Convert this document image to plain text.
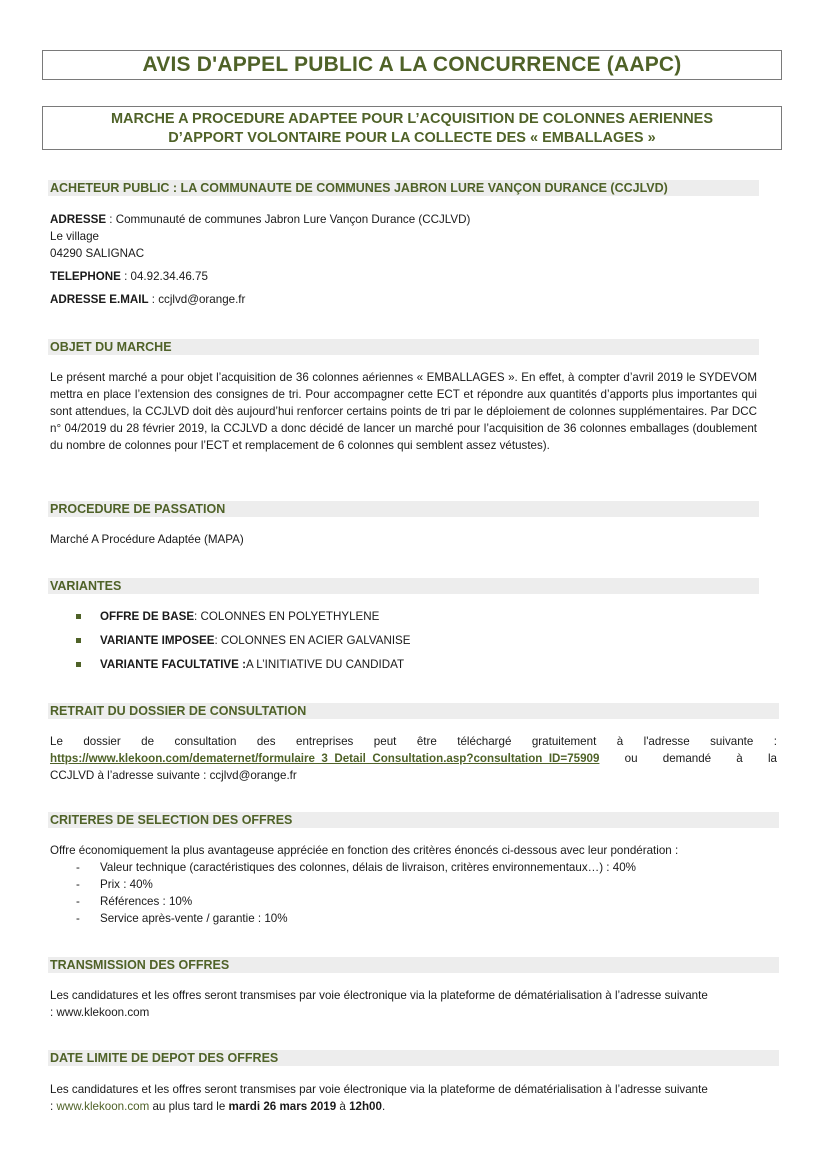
AVIS D'APPEL PUBLIC A LA CONCURRENCE (AAPC)
MARCHE A PROCEDURE ADAPTEE POUR L’ACQUISITION DE COLONNES AERIENNES
D’APPORT VOLONTAIRE POUR LA COLLECTE DES « EMBALLAGES »
ACHETEUR PUBLIC : LA COMMUNAUTE DE COMMUNES JABRON LURE VANÇON DURANCE (CCJLVD)
ADRESSE : Communauté de communes Jabron Lure Vançon Durance (CCJLVD)
Le village
04290 SALIGNAC
TELEPHONE : 04.92.34.46.75
ADRESSE E.MAIL : ccjlvd@orange.fr
OBJET DU MARCHE
Le présent marché a pour objet l’acquisition de 36 colonnes aériennes « EMBALLAGES ». En effet, à compter d’avril 2019 le SYDEVOM mettra en place l’extension des consignes de tri. Pour accompagner cette ECT et répondre aux quantités d’apports plus importantes qui sont attendues, la CCJLVD doit dès aujourd’hui renforcer certains points de tri par le déploiement de colonnes supplémentaires. Par DCC n° 04/2019 du 28 février 2019, la CCJLVD a donc décidé de lancer un marché pour l’acquisition de 36 colonnes emballages (doublement du nombre de colonnes pour l’ECT et remplacement de 6 colonnes qui semblent assez vétustes).
PROCEDURE DE PASSATION
Marché A Procédure Adaptée (MAPA)
VARIANTES
OFFRE DE BASE : COLONNES EN POLYETHYLENE
VARIANTE IMPOSEE : COLONNES EN ACIER GALVANISE
VARIANTE FACULTATIVE : A L’INITIATIVE DU CANDIDAT
RETRAIT DU DOSSIER DE CONSULTATION
Le dossier de consultation des entreprises peut être téléchargé gratuitement à l'adresse suivante :
https://www.klekoon.com/dematernet/formulaire_3_Detail_Consultation.asp?consultation_ID=75909 ou demandé à la
CCJLVD à l’adresse suivante : ccjlvd@orange.fr
CRITERES DE SELECTION DES OFFRES
Offre économiquement la plus avantageuse appréciée en fonction des critères énoncés ci-dessous avec leur pondération :
-	Valeur technique (caractéristiques des colonnes, délais de livraison, critères environnementaux…) : 40%
-	Prix : 40%
-	Références : 10%
-	Service après-vente / garantie : 10%
TRANSMISSION DES OFFRES
Les candidatures et les offres seront transmises par voie électronique via la plateforme de dématérialisation à l’adresse suivante
: www.klekoon.com
DATE LIMITE DE DEPOT DES OFFRES
Les candidatures et les offres seront transmises par voie électronique via la plateforme de dématérialisation à l’adresse suivante
: www.klekoon.com au plus tard le mardi 26 mars 2019 à 12h00.
